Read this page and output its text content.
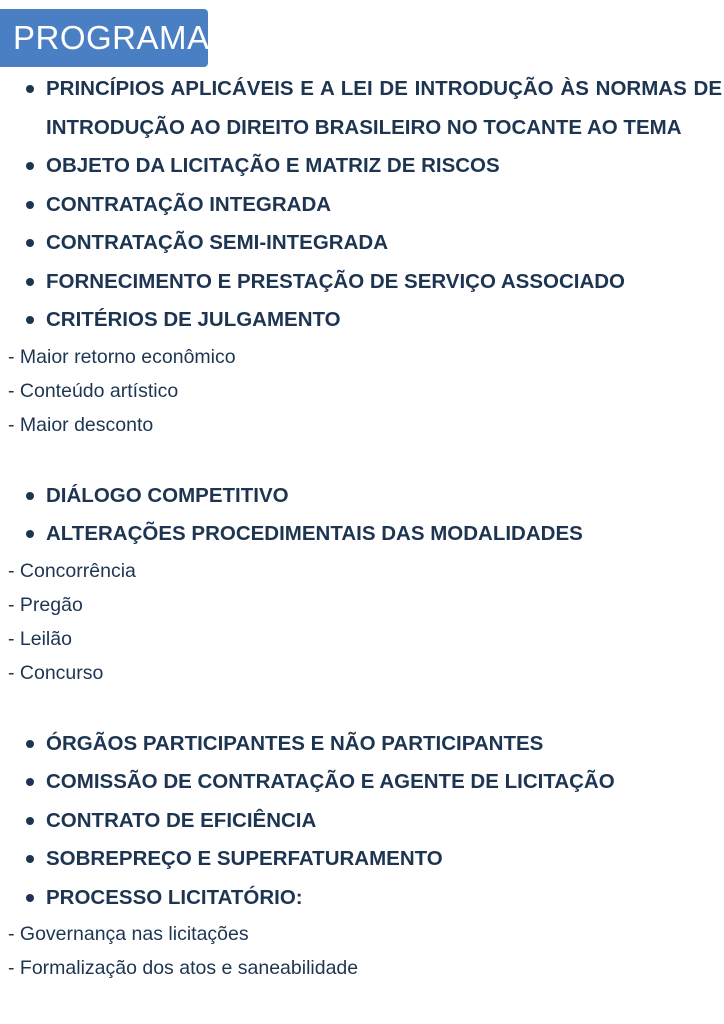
PROGRAMA
PRINCÍPIOS APLICÁVEIS E A LEI DE INTRODUÇÃO ÀS NORMAS DE INTRODUÇÃO AO DIREITO BRASILEIRO NO TOCANTE AO TEMA
OBJETO DA LICITAÇÃO E MATRIZ DE RISCOS
CONTRATAÇÃO INTEGRADA
CONTRATAÇÃO SEMI-INTEGRADA
FORNECIMENTO E PRESTAÇÃO DE SERVIÇO ASSOCIADO
CRITÉRIOS DE JULGAMENTO
- Maior retorno econômico
- Conteúdo artístico
- Maior desconto
DIÁLOGO COMPETITIVO
ALTERAÇÕES PROCEDIMENTAIS DAS MODALIDADES
- Concorrência
- Pregão
- Leilão
- Concurso
ÓRGÃOS PARTICIPANTES E NÃO PARTICIPANTES
COMISSÃO DE CONTRATAÇÃO E AGENTE DE LICITAÇÃO
CONTRATO DE EFICIÊNCIA
SOBREPREÇO E SUPERFATURAMENTO
PROCESSO LICITATÓRIO:
- Governança nas licitações
- Formalização dos atos e saneabilidade
